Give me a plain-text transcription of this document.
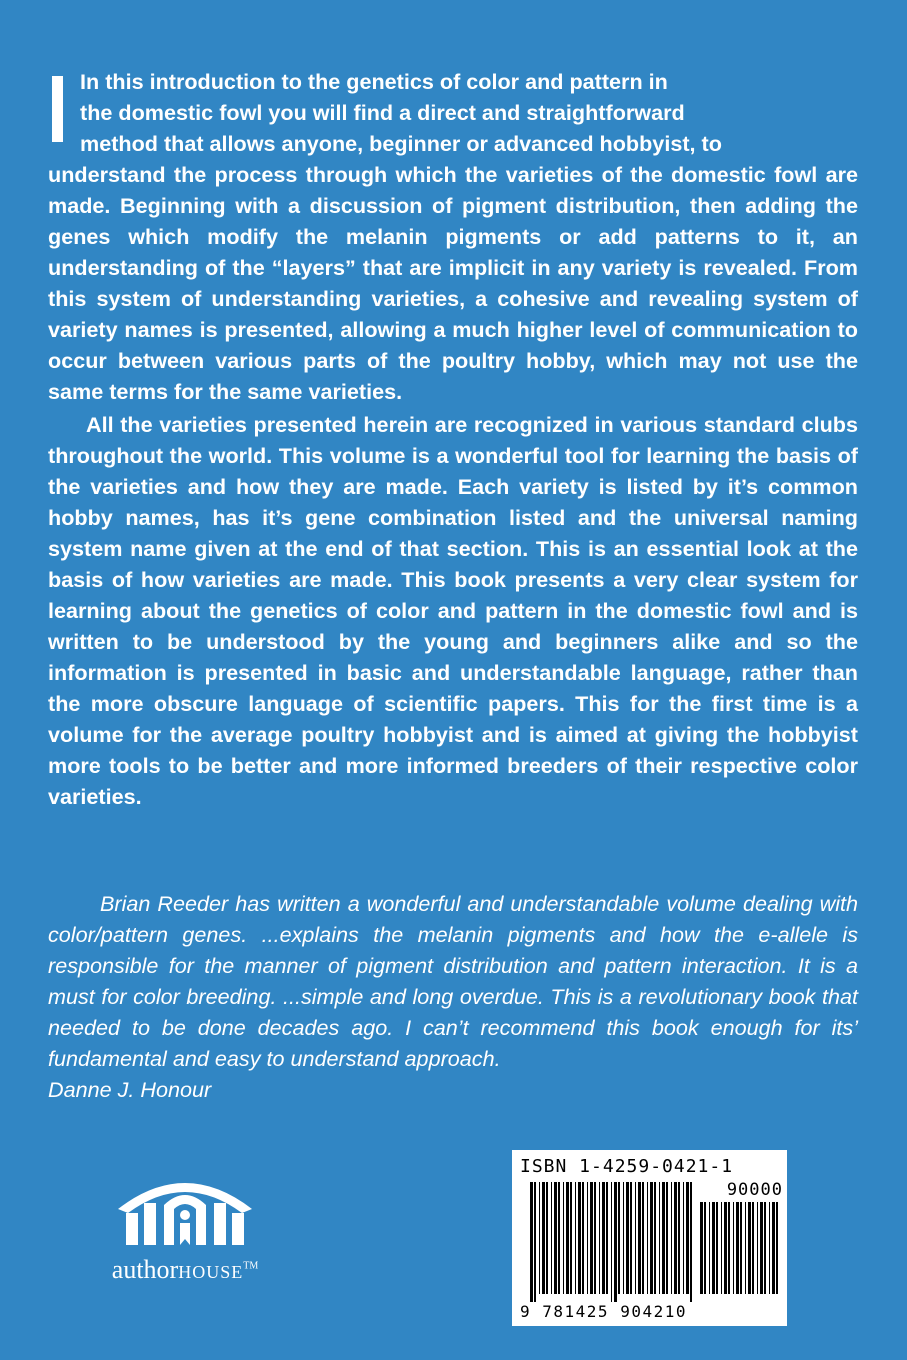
In this introduction to the genetics of color and pattern in
the domestic fowl you will find a direct and straightforward
method that allows anyone, beginner or advanced hobbyist, to
understand the process through which the varieties of the domestic fowl are made. Beginning with a discussion of pigment distribution, then adding the genes which modify the melanin pigments or add patterns to it, an understanding of the “layers” that are implicit in any variety is revealed. From this system of understanding varieties, a cohesive and revealing system of variety names is presented, allowing a much higher level of communication to occur between various parts of the poultry hobby, which may not use the same terms for the same varieties.

All the varieties presented herein are recognized in various standard clubs throughout the world. This volume is a wonderful tool for learning the basis of the varieties and how they are made. Each variety is listed by it’s common hobby names, has it’s gene combination listed and the universal naming system name given at the end of that section. This is an essential look at the basis of how varieties are made. This book presents a very clear system for learning about the genetics of color and pattern in the domestic fowl and is written to be understood by the young and beginners alike and so the information is presented in basic and understandable language, rather than the more obscure language of scientific papers. This for the first time is a volume for the average poultry hobbyist and is aimed at giving the hobbyist more tools to be better and more informed breeders of their respective color varieties.

Brian Reeder has written a wonderful and understandable volume dealing with color/pattern genes. ...explains the melanin pigments and how the e-allele is responsible for the manner of pigment distribution and pattern interaction. It is a must for color breeding. ...simple and long overdue. This is a revolutionary book that needed to be done decades ago. I can’t recommend this book enough for its’ fundamental and easy to understand approach.
Danne J. Honour

authorHOUSE™
ISBN 1-4259-0421-1
90000
9 781425 904210
